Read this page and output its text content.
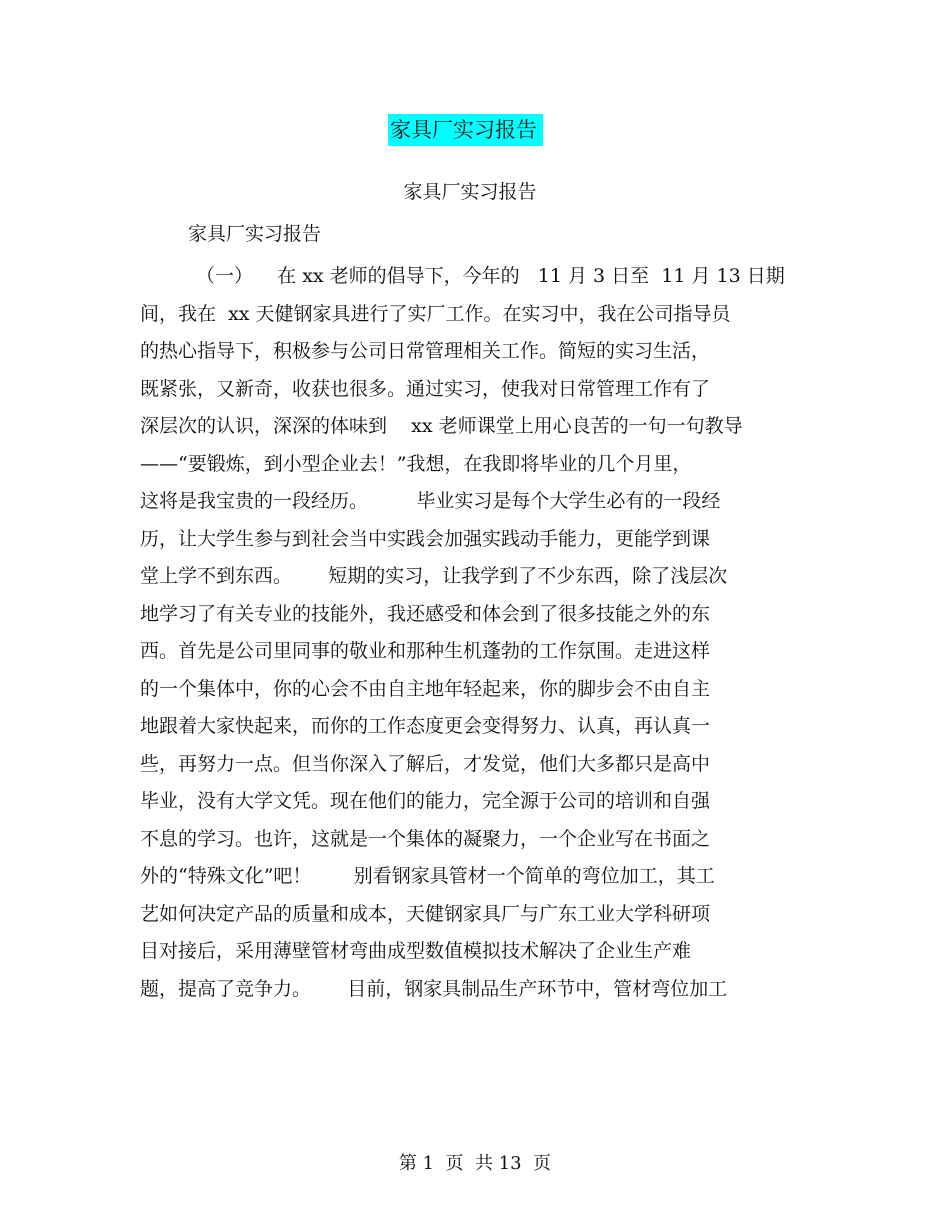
家具厂实习报告
家具厂实习报告
家具厂实习报告
（一）    在 xx 老师的倡导下，今年的   11 月 3 日至  11 月 13 日期
间，我在  xx 天健钢家具进行了实厂工作。在实习中，我在公司指导员
的热心指导下，积极参与公司日常管理相关工作。简短的实习生活，
既紧张，又新奇，收获也很多。通过实习，使我对日常管理工作有了
深层次的认识，深深的体味到    xx 老师课堂上用心良苦的一句一句教导
——“要锻炼，到小型企业去！”我想，在我即将毕业的几个月里，
这将是我宝贵的一段经历。        毕业实习是每个大学生必有的一段经
历，让大学生参与到社会当中实践会加强实践动手能力，更能学到课
堂上学不到东西。      短期的实习，让我学到了不少东西，除了浅层次
地学习了有关专业的技能外，我还感受和体会到了很多技能之外的东
西。首先是公司里同事的敬业和那种生机蓬勃的工作氛围。走进这样
的一个集体中，你的心会不由自主地年轻起来，你的脚步会不由自主
地跟着大家快起来，而你的工作态度更会变得努力、认真，再认真一
些，再努力一点。但当你深入了解后，才发觉，他们大多都只是高中
毕业，没有大学文凭。现在他们的能力，完全源于公司的培训和自强
不息的学习。也许，这就是一个集体的凝聚力，一个企业写在书面之
外的“特殊文化”吧！       别看钢家具管材一个简单的弯位加工，其工
艺如何决定产品的质量和成本，天健钢家具厂与广东工业大学科研项
目对接后，采用薄壁管材弯曲成型数值模拟技术解决了企业生产难
题，提高了竞争力。      目前，钢家具制品生产环节中，管材弯位加工
第 1  页  共 13  页
